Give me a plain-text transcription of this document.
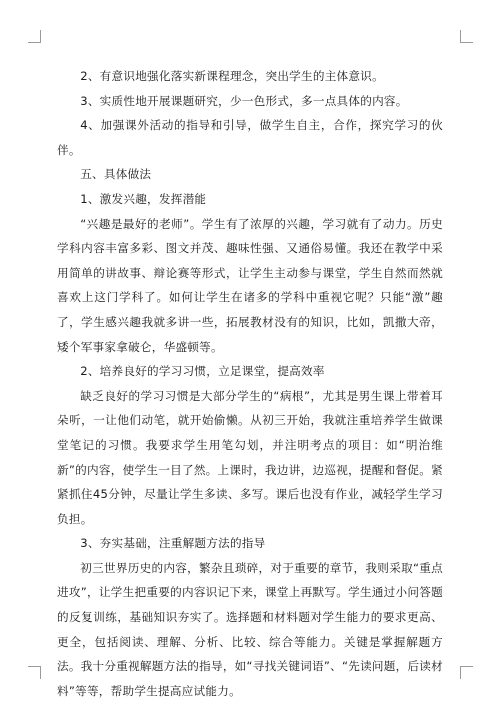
2、有意识地强化落实新课程理念，突出学生的主体意识。

3、实质性地开展课题研究，少一色形式，多一点具体的内容。

4、加强课外活动的指导和引导，做学生自主，合作，探究学习的伙伴。

五、具体做法

1、激发兴趣，发挥潜能

“兴趣是最好的老师”。学生有了浓厚的兴趣，学习就有了动力。历史学科内容丰富多彩、图文并茂、趣味性强、又通俗易懂。我还在教学中采用简单的讲故事、辩论赛等形式，让学生主动参与课堂，学生自然而然就喜欢上这门学科了。如何让学生在诸多的学科中重视它呢？只能“激”趣了，学生感兴趣我就多讲一些，拓展教材没有的知识，比如，凯撒大帝，矮个军事家拿破仑，华盛顿等。

2、培养良好的学习习惯，立足课堂，提高效率

缺乏良好的学习习惯是大部分学生的“病根”，尤其是男生课上带着耳朵听，一让他们动笔，就开始偷懒。从初三开始，我就注重培养学生做课堂笔记的习惯。我要求学生用笔勾划，并注明考点的项目：如“明治维新”的内容，使学生一目了然。上课时，我边讲，边巡视，提醒和督促。紧紧抓住45分钟，尽量让学生多读、多写。课后也没有作业，减轻学生学习负担。

3、夯实基础，注重解题方法的指导

初三世界历史的内容，繁杂且琐碎，对于重要的章节，我则采取“重点进攻”，让学生把重要的内容识记下来，课堂上再默写。学生通过小问答题的反复训练，基础知识夯实了。选择题和材料题对学生能力的要求更高、更全，包括阅读、理解、分析、比较、综合等能力。关键是掌握解题方法。我十分重视解题方法的指导，如“寻找关键词语”、“先读问题，后读材料”等等，帮助学生提高应试能力。
